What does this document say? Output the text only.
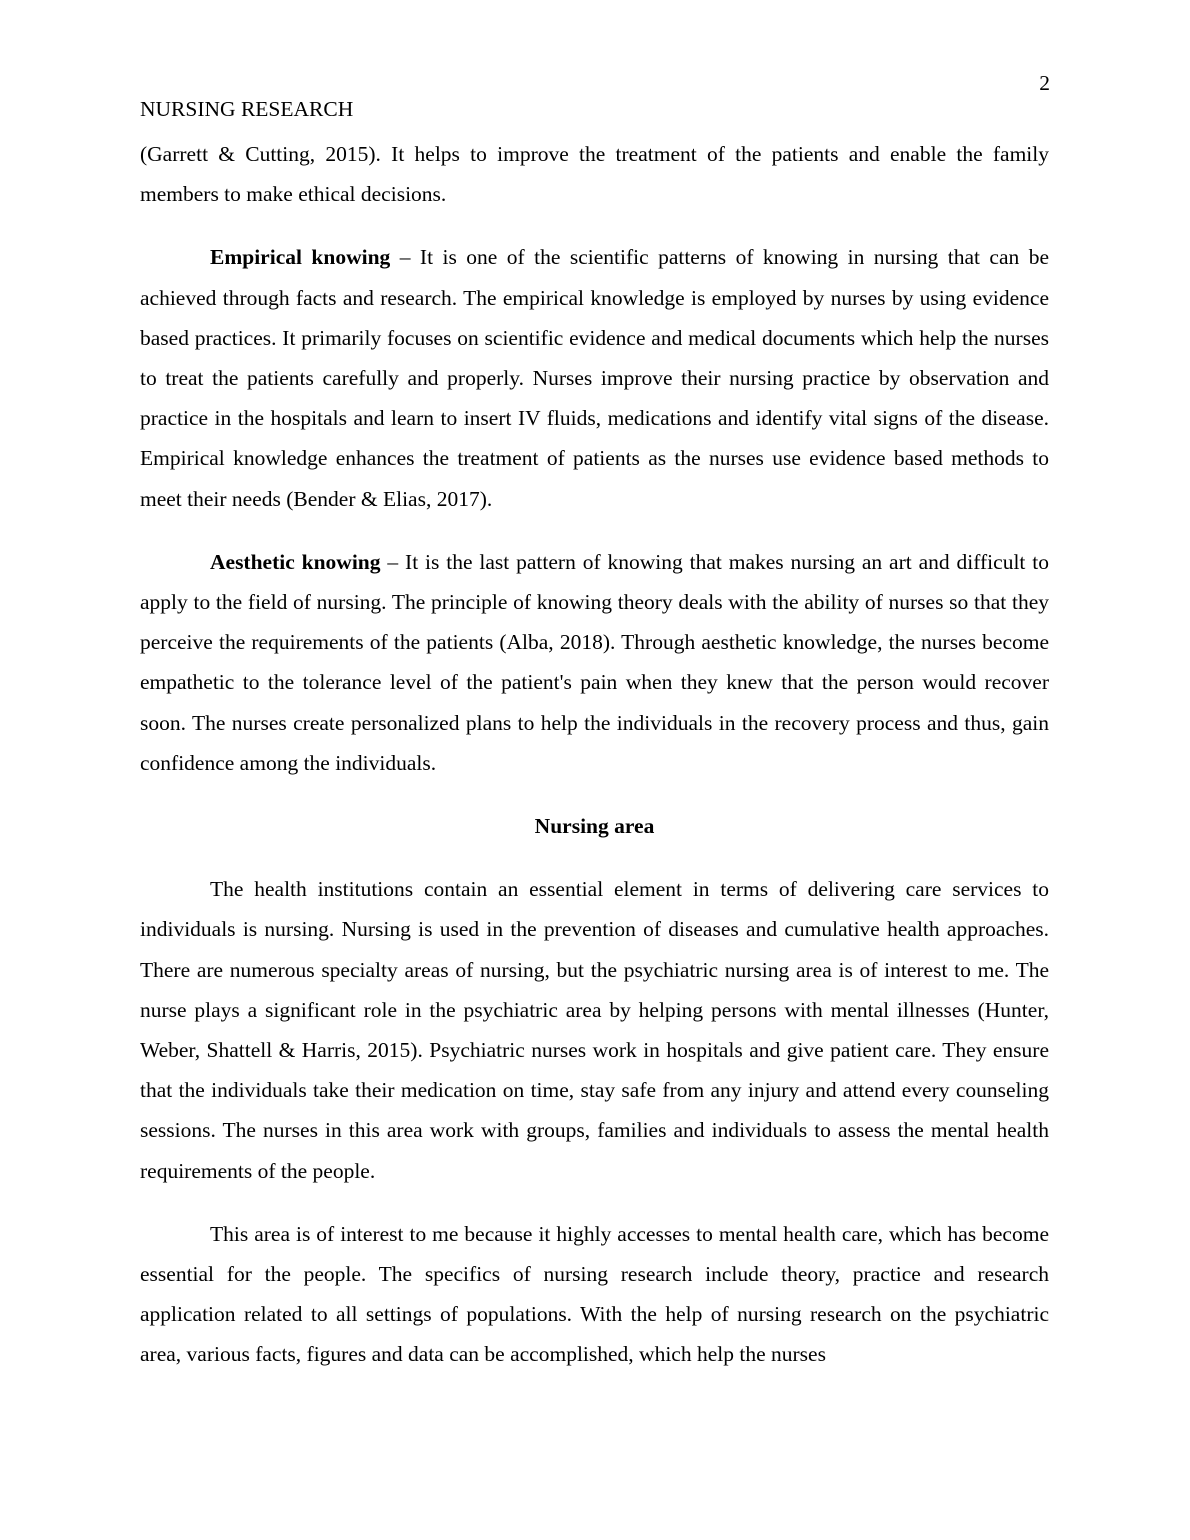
2
NURSING RESEARCH

(Garrett & Cutting, 2015). It helps to improve the treatment of the patients and enable the family members to make ethical decisions.

Empirical knowing – It is one of the scientific patterns of knowing in nursing that can be achieved through facts and research. The empirical knowledge is employed by nurses by using evidence based practices. It primarily focuses on scientific evidence and medical documents which help the nurses to treat the patients carefully and properly. Nurses improve their nursing practice by observation and practice in the hospitals and learn to insert IV fluids, medications and identify vital signs of the disease. Empirical knowledge enhances the treatment of patients as the nurses use evidence based methods to meet their needs (Bender & Elias, 2017).

Aesthetic knowing – It is the last pattern of knowing that makes nursing an art and difficult to apply to the field of nursing. The principle of knowing theory deals with the ability of nurses so that they perceive the requirements of the patients (Alba, 2018). Through aesthetic knowledge, the nurses become empathetic to the tolerance level of the patient's pain when they knew that the person would recover soon. The nurses create personalized plans to help the individuals in the recovery process and thus, gain confidence among the individuals.

Nursing area

The health institutions contain an essential element in terms of delivering care services to individuals is nursing. Nursing is used in the prevention of diseases and cumulative health approaches. There are numerous specialty areas of nursing, but the psychiatric nursing area is of interest to me. The nurse plays a significant role in the psychiatric area by helping persons with mental illnesses (Hunter, Weber, Shattell & Harris, 2015). Psychiatric nurses work in hospitals and give patient care. They ensure that the individuals take their medication on time, stay safe from any injury and attend every counseling sessions. The nurses in this area work with groups, families and individuals to assess the mental health requirements of the people.

This area is of interest to me because it highly accesses to mental health care, which has become essential for the people. The specifics of nursing research include theory, practice and research application related to all settings of populations. With the help of nursing research on the psychiatric area, various facts, figures and data can be accomplished, which help the nurses
